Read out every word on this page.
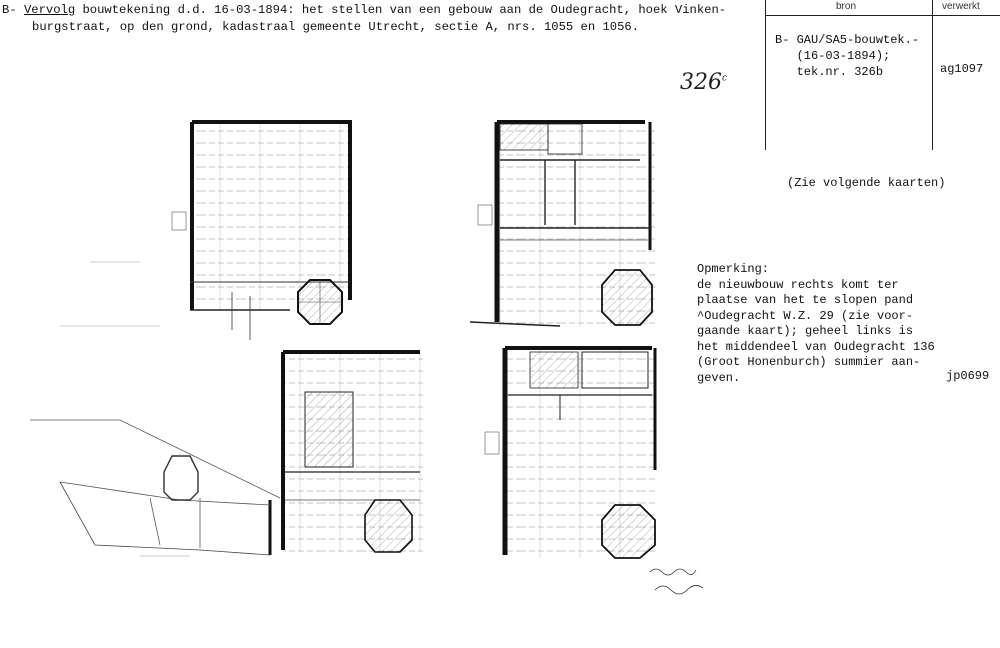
B- Vervolg bouwtekening d.d. 16-03-1894: het stellen van een gebouw aan de Oudegracht, hoek Vinken-
burgstraat, op den grond, kadastraal gemeente Utrecht, sectie A, nrs. 1055 en 1056.
bron	verwerkt
B- GAU/SA5-bouwtek.-
(16-03-1894);
tek.nr. 326b	ag1097
326$^c$
(Zie volgende kaarten)
Opmerking:
de nieuwbouw rechts komt ter
plaatse van het te slopen pand
^Oudegracht W.Z. 29 (zie voor-
gaande kaart); geheel links is
het middendeel van Oudegracht 136
(Groot Honenburch) summier aan-
geven.	jp0699
